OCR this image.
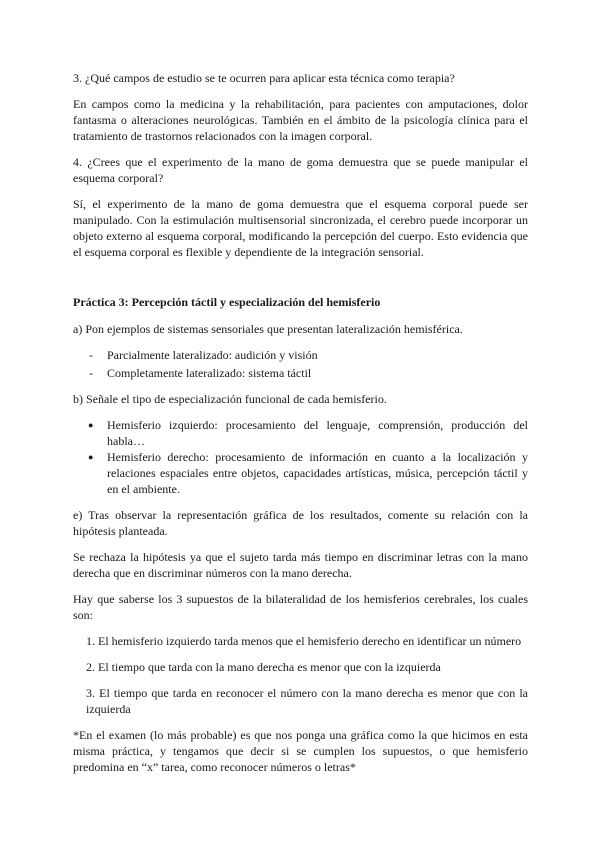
3. ¿Qué campos de estudio se te ocurren para aplicar esta técnica como terapia?

En campos como la medicina y la rehabilitación, para pacientes con amputaciones, dolor fantasma o alteraciones neurológicas. También en el ámbito de la psicología clínica para el tratamiento de trastornos relacionados con la imagen corporal.

4. ¿Crees que el experimento de la mano de goma demuestra que se puede manipular el esquema corporal?

Sí, el experimento de la mano de goma demuestra que el esquema corporal puede ser manipulado. Con la estimulación multisensorial sincronizada, el cerebro puede incorporar un objeto externo al esquema corporal, modificando la percepción del cuerpo. Esto evidencia que el esquema corporal es flexible y dependiente de la integración sensorial.

Práctica 3: Percepción táctil y especialización del hemisferio

a) Pon ejemplos de sistemas sensoriales que presentan lateralización hemisférica.

- Parcialmente lateralizado: audición y visión
- Completamente lateralizado: sistema táctil

b) Señale el tipo de especialización funcional de cada hemisferio.

● Hemisferio izquierdo: procesamiento del lenguaje, comprensión, producción del habla…
● Hemisferio derecho: procesamiento de información en cuanto a la localización y relaciones espaciales entre objetos, capacidades artísticas, música, percepción táctil y en el ambiente.

e) Tras observar la representación gráfica de los resultados, comente su relación con la hipótesis planteada.

Se rechaza la hipótesis ya que el sujeto tarda más tiempo en discriminar letras con la mano derecha que en discriminar números con la mano derecha.

Hay que saberse los 3 supuestos de la bilateralidad de los hemisferios cerebrales, los cuales son:

1. El hemisferio izquierdo tarda menos que el hemisferio derecho en identificar un número

2. El tiempo que tarda con la mano derecha es menor que con la izquierda

3. El tiempo que tarda en reconocer el número con la mano derecha es menor que con la izquierda

*En el examen (lo más probable) es que nos ponga una gráfica como la que hicimos en esta misma práctica, y tengamos que decir si se cumplen los supuestos, o que hemisferio predomina en “x” tarea, como reconocer números o letras*
